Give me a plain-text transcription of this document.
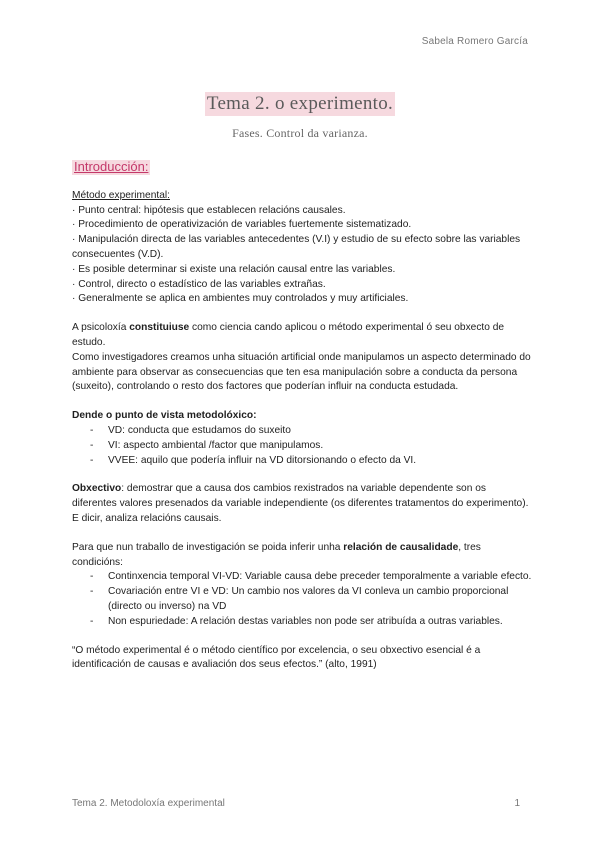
Sabela Romero García
Tema 2. o experimento.
Fases. Control da varianza.
Introducción:

Método experimental:

· Punto central: hipótesis que establecen relacións causales.

· Procedimiento de operativización de variables fuertemente sistematizado.

· Manipulación directa de las variables antecedentes (V.I) y estudio de su efecto sobre las variables consecuentes (V.D).

· Es posible determinar si existe una relación causal entre las variables.

· Control, directo o estadístico de las variables extrañas.

· Generalmente se aplica en ambientes muy controlados y muy artificiales.

A psicoloxía constituiuse como ciencia cando aplicou o método experimental ó seu obxecto de estudo.

Como investigadores creamos unha situación artificial onde manipulamos un aspecto determinado do ambiente para observar as consecuencias que ten esa manipulación sobre a conducta da persona (suxeito), controlando o resto dos factores que poderían influir na conducta estudada.

Dende o punto de vista metodolóxico:

- VD: conducta que estudamos do suxeito
- VI: aspecto ambiental /factor que manipulamos.
- VVEE: aquilo que podería influir na VD ditorsionando o efecto da VI.

Obxectivo: demostrar que a causa dos cambios rexistrados na variable dependente son os diferentes valores presenados da variable independiente (os diferentes tratamentos do experimento). E dicir, analiza relacións causais.

Para que nun traballo de investigación se poida inferir unha relación de causalidade, tres condicións:

- Continxencia temporal VI-VD: Variable causa debe preceder temporalmente a variable efecto.
- Covariación entre VI e VD: Un cambio nos valores da VI conleva un cambio proporcional (directo ou inverso) na VD
- Non espuriedade: A relación destas variables non pode ser atribuída a outras variables.

“O método experimental é o método científico por excelencia, o seu obxectivo esencial é a identificación de causas e avaliación dos seus efectos.” (alto, 1991)

Tema 2. Metodoloxía experimental	1
